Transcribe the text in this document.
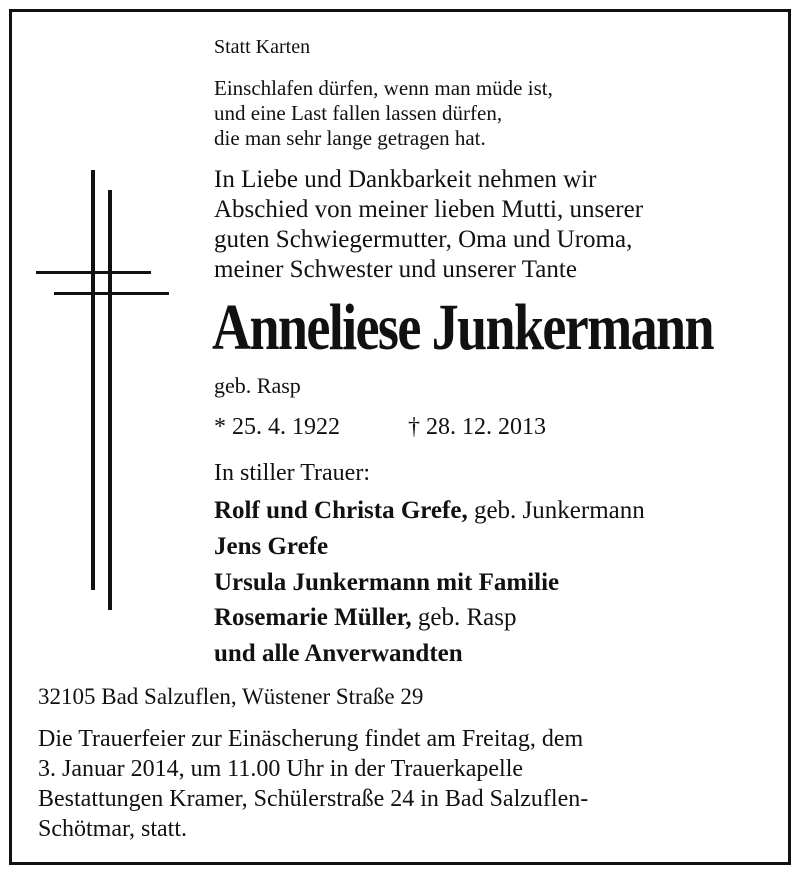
Statt Karten
Einschlafen dürfen, wenn man müde ist,
und eine Last fallen lassen dürfen,
die man sehr lange getragen hat.
In Liebe und Dankbarkeit nehmen wir
Abschied von meiner lieben Mutti, unserer
guten Schwiegermutter, Oma und Uroma,
meiner Schwester und unserer Tante
Anneliese Junkermann
geb. Rasp
* 25. 4. 1922	† 28. 12. 2013
In stiller Trauer:
Rolf und Christa Grefe, geb. Junkermann
Jens Grefe
Ursula Junkermann mit Familie
Rosemarie Müller, geb. Rasp
und alle Anverwandten
32105 Bad Salzuflen, Wüstener Straße 29
Die Trauerfeier zur Einäscherung findet am Freitag, dem
3. Januar 2014, um 11.00 Uhr in der Trauerkapelle
Bestattungen Kramer, Schülerstraße 24 in Bad Salzuflen-
Schötmar, statt.
